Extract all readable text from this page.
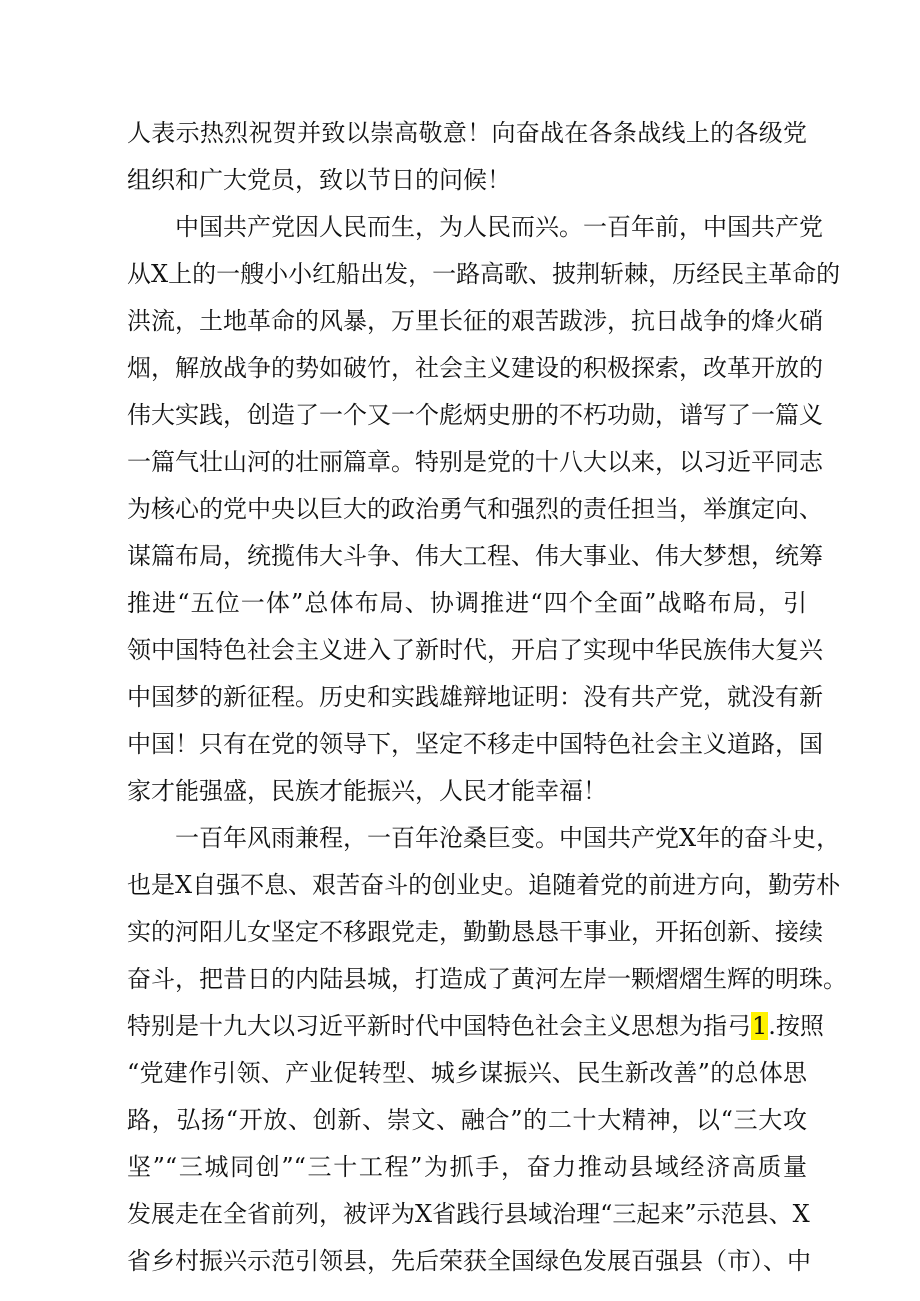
人表示热烈祝贺并致以崇高敬意！向奋战在各条战线上的各级党
组织和广大党员，致以节日的问候！
中国共产党因人民而生，为人民而兴。一百年前，中国共产党
从X上的一艘小小红船出发，一路高歌、披荆斩棘，历经民主革命的
洪流，土地革命的风暴，万里长征的艰苦跋涉，抗日战争的烽火硝
烟，解放战争的势如破竹，社会主义建设的积极探索，改革开放的
伟大实践，创造了一个又一个彪炳史册的不朽功勋，谱写了一篇义
一篇气壮山河的壮丽篇章。特别是党的十八大以来，以习近平同志
为核心的党中央以巨大的政治勇气和强烈的责任担当，举旗定向、
谋篇布局，统揽伟大斗争、伟大工程、伟大事业、伟大梦想，统筹
推进“五位一体”总体布局、协调推进“四个全面”战略布局，引
领中国特色社会主义进入了新时代，开启了实现中华民族伟大复兴
中国梦的新征程。历史和实践雄辩地证明：没有共产党，就没有新
中国！只有在党的领导下，坚定不移走中国特色社会主义道路，国
家才能强盛，民族才能振兴，人民才能幸福！
一百年风雨兼程，一百年沧桑巨变。中国共产党X年的奋斗史，
也是X自强不息、艰苦奋斗的创业史。追随着党的前进方向，勤劳朴
实的河阳儿女坚定不移跟党走，勤勤恳恳干事业，开拓创新、接续
奋斗，把昔日的内陆县城，打造成了黄河左岸一颗熠熠生辉的明珠。
特别是十九大以习近平新时代中国特色社会主义思想为指弓1.按照
“党建作引领、产业促转型、城乡谋振兴、民生新改善”的总体思
路，弘扬“开放、创新、崇文、融合”的二十大精神，以“三大攻
坚”“三城同创”“三十工程”为抓手，奋力推动县域经济高质量
发展走在全省前列，被评为X省践行县域治理“三起来”示范县、X
省乡村振兴示范引领县，先后荣获全国绿色发展百强县（市）、中
